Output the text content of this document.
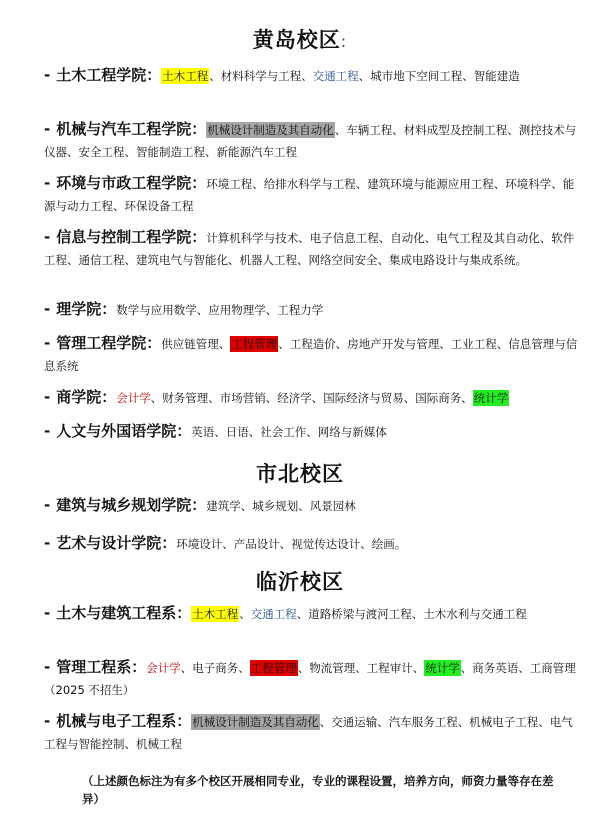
黄岛校区:

- 土木工程学院：土木工程、材料科学与工程、交通工程、城市地下空间工程、智能建造

- 机械与汽车工程学院：机械设计制造及其自动化、车辆工程、材料成型及控制工程、测控技术与仪器、安全工程、智能制造工程、新能源汽车工程

- 环境与市政工程学院：环境工程、给排水科学与工程、建筑环境与能源应用工程、环境科学、能源与动力工程、环保设备工程

- 信息与控制工程学院：计算机科学与技术、电子信息工程、自动化、电气工程及其自动化、软件工程、通信工程、建筑电气与智能化、机器人工程、网络空间安全、集成电路设计与集成系统。

- 理学院：数学与应用数学、应用物理学、工程力学

- 管理工程学院：供应链管理、工程管理、工程造价、房地产开发与管理、工业工程、信息管理与信息系统

- 商学院：会计学、财务管理、市场营销、经济学、国际经济与贸易、国际商务、统计学

- 人文与外国语学院：英语、日语、社会工作、网络与新媒体

市北校区

- 建筑与城乡规划学院：建筑学、城乡规划、风景园林

- 艺术与设计学院：环境设计、产品设计、视觉传达设计、绘画。

临沂校区

- 土木与建筑工程系：土木工程、交通工程、道路桥梁与渡河工程、土木水利与交通工程

- 管理工程系：会计学、电子商务、工程管理、物流管理、工程审计、统计学、商务英语、工商管理（2025 不招生）

- 机械与电子工程系：机械设计制造及其自动化、交通运输、汽车服务工程、机械电子工程、电气工程与智能控制、机械工程

（上述颜色标注为有多个校区开展相同专业，专业的课程设置，培养方向，师资力量等存在差异）
